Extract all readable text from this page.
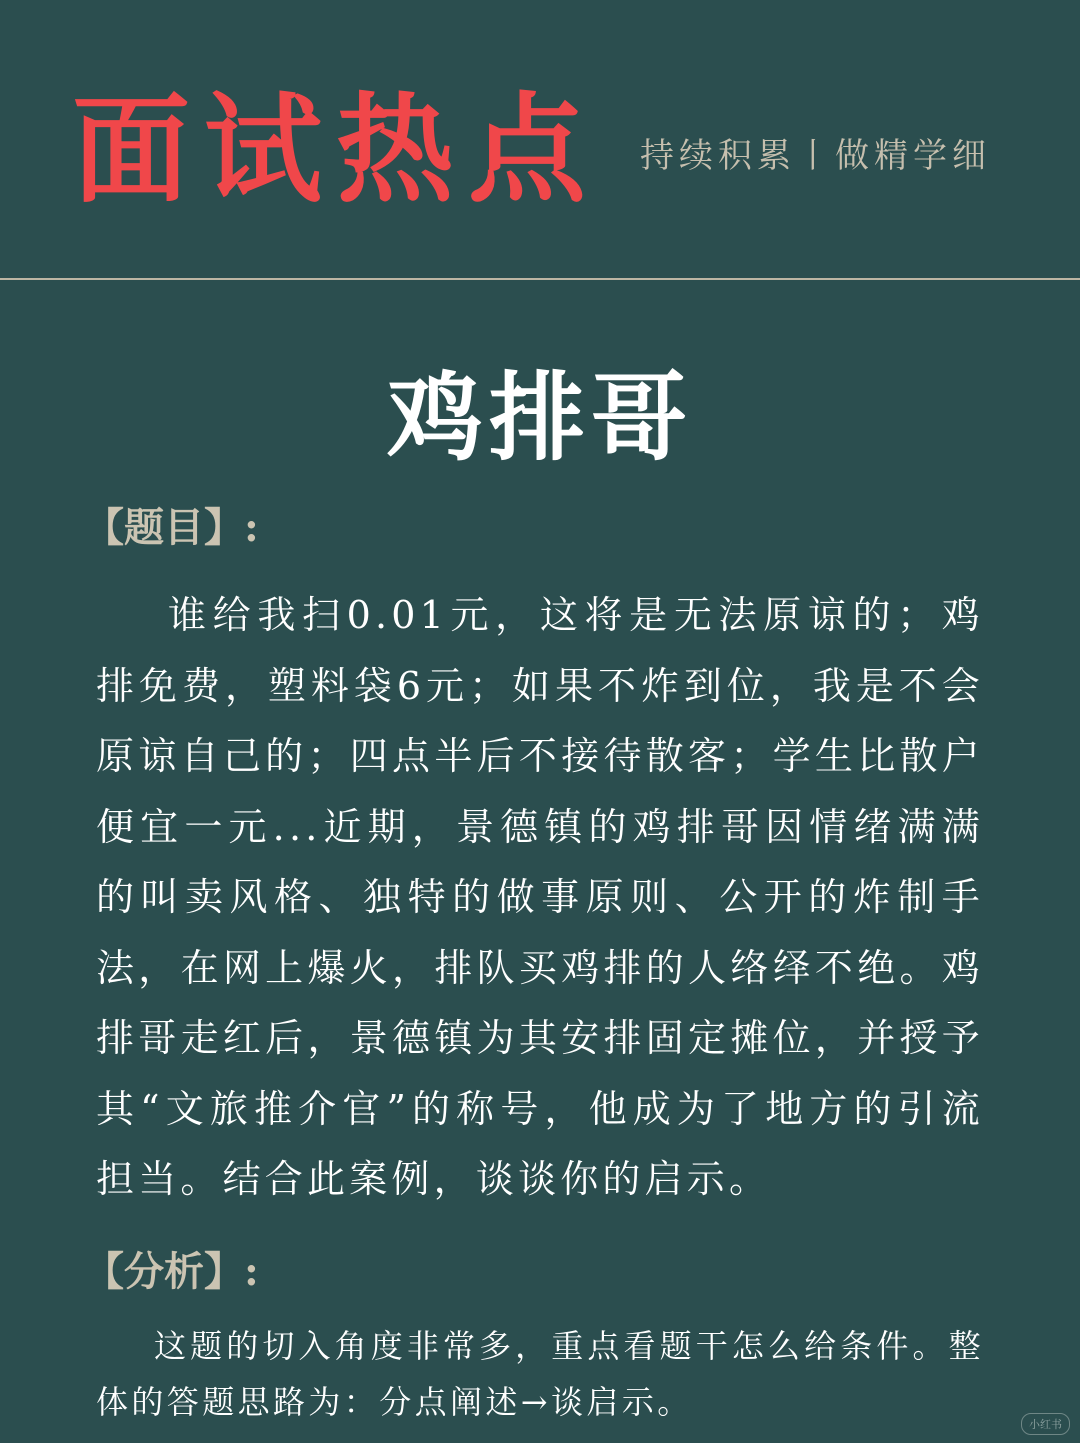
面试热点 持续积累丨做精学细
鸡排哥
【题目】:

谁给我扫0.01元，这将是无法原谅的；鸡排免费，塑料袋6元；如果不炸到位，我是不会原谅自己的；四点半后不接待散客；学生比散户便宜一元...近期，景德镇的鸡排哥因情绪满满的叫卖风格、独特的做事原则、公开的炸制手法，在网上爆火，排队买鸡排的人络绎不绝。鸡排哥走红后，景德镇为其安排固定摊位，并授予其“文旅推介官”的称号，他成为了地方的引流担当。结合此案例，谈谈你的启示。

【分析】:

这题的切入角度非常多，重点看题干怎么给条件。整体的答题思路为：分点阐述→谈启示。

小红书
